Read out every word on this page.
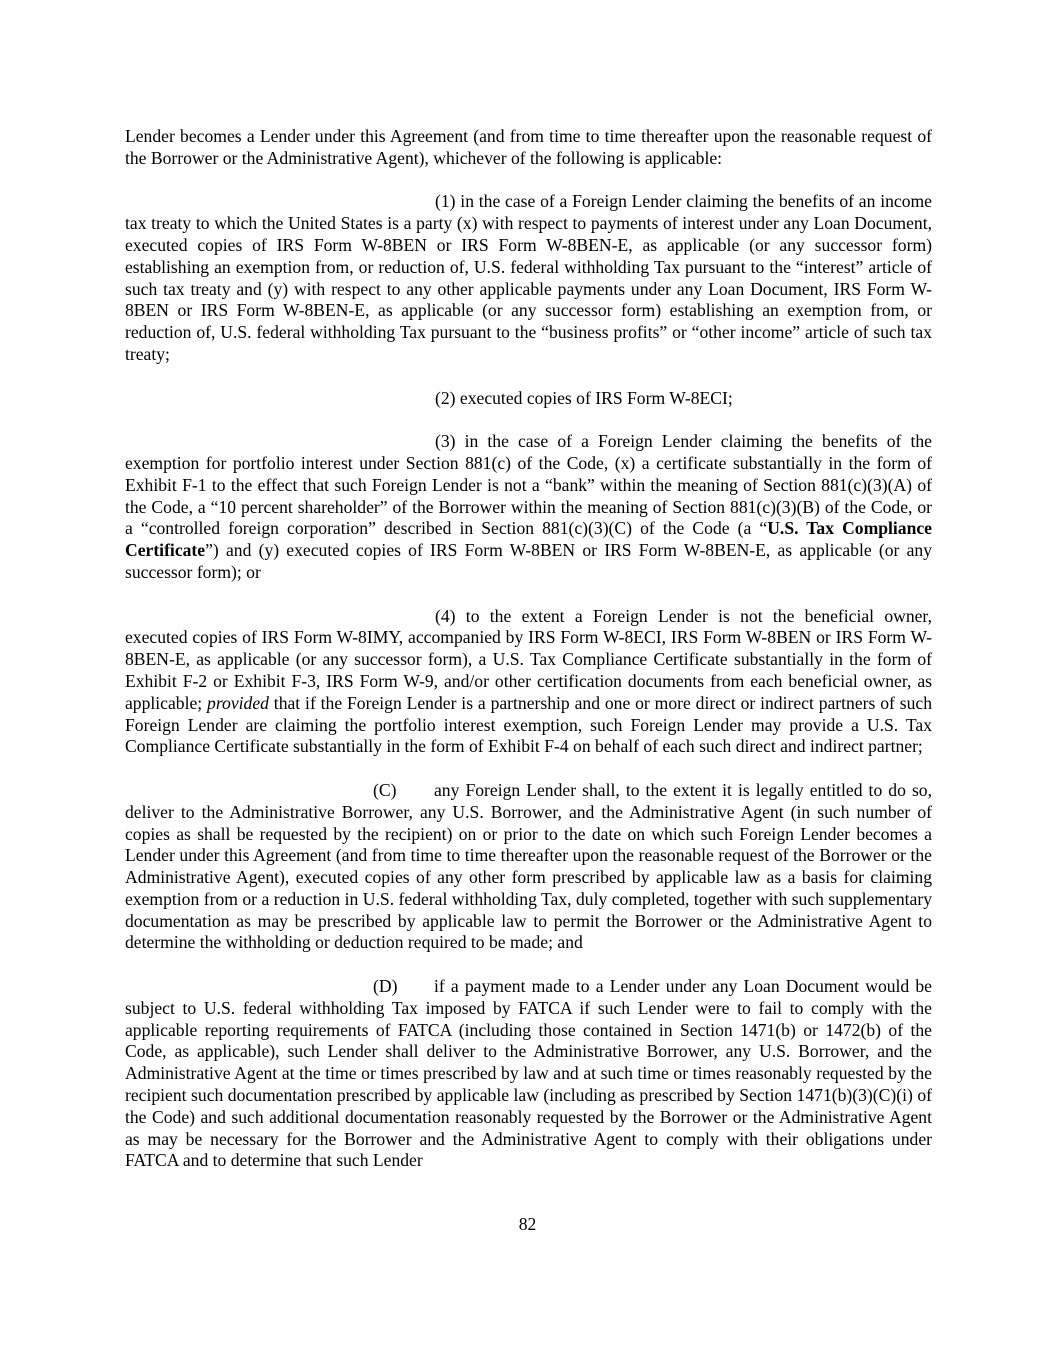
Lender becomes a Lender under this Agreement (and from time to time thereafter upon the reasonable request of the Borrower or the Administrative Agent), whichever of the following is applicable:

(1) in the case of a Foreign Lender claiming the benefits of an income tax treaty to which the United States is a party (x) with respect to payments of interest under any Loan Document, executed copies of IRS Form W-8BEN or IRS Form W-8BEN-E, as applicable (or any successor form) establishing an exemption from, or reduction of, U.S. federal withholding Tax pursuant to the “interest” article of such tax treaty and (y) with respect to any other applicable payments under any Loan Document, IRS Form W-8BEN or IRS Form W-8BEN-E, as applicable (or any successor form) establishing an exemption from, or reduction of, U.S. federal withholding Tax pursuant to the “business profits” or “other income” article of such tax treaty;

(2) executed copies of IRS Form W-8ECI;

(3) in the case of a Foreign Lender claiming the benefits of the exemption for portfolio interest under Section 881(c) of the Code, (x) a certificate substantially in the form of Exhibit F-1 to the effect that such Foreign Lender is not a “bank” within the meaning of Section 881(c)(3)(A) of the Code, a “10 percent shareholder” of the Borrower within the meaning of Section 881(c)(3)(B) of the Code, or a “controlled foreign corporation” described in Section 881(c)(3)(C) of the Code (a “U.S. Tax Compliance Certificate”) and (y) executed copies of IRS Form W-8BEN or IRS Form W-8BEN-E, as applicable (or any successor form); or

(4) to the extent a Foreign Lender is not the beneficial owner, executed copies of IRS Form W-8IMY, accompanied by IRS Form W-8ECI, IRS Form W-8BEN or IRS Form W-8BEN-E, as applicable (or any successor form), a U.S. Tax Compliance Certificate substantially in the form of Exhibit F-2 or Exhibit F-3, IRS Form W-9, and/or other certification documents from each beneficial owner, as applicable; provided that if the Foreign Lender is a partnership and one or more direct or indirect partners of such Foreign Lender are claiming the portfolio interest exemption, such Foreign Lender may provide a U.S. Tax Compliance Certificate substantially in the form of Exhibit F-4 on behalf of each such direct and indirect partner;

(C) any Foreign Lender shall, to the extent it is legally entitled to do so, deliver to the Administrative Borrower, any U.S. Borrower, and the Administrative Agent (in such number of copies as shall be requested by the recipient) on or prior to the date on which such Foreign Lender becomes a Lender under this Agreement (and from time to time thereafter upon the reasonable request of the Borrower or the Administrative Agent), executed copies of any other form prescribed by applicable law as a basis for claiming exemption from or a reduction in U.S. federal withholding Tax, duly completed, together with such supplementary documentation as may be prescribed by applicable law to permit the Borrower or the Administrative Agent to determine the withholding or deduction required to be made; and

(D) if a payment made to a Lender under any Loan Document would be subject to U.S. federal withholding Tax imposed by FATCA if such Lender were to fail to comply with the applicable reporting requirements of FATCA (including those contained in Section 1471(b) or 1472(b) of the Code, as applicable), such Lender shall deliver to the Administrative Borrower, any U.S. Borrower, and the Administrative Agent at the time or times prescribed by law and at such time or times reasonably requested by the recipient such documentation prescribed by applicable law (including as prescribed by Section 1471(b)(3)(C)(i) of the Code) and such additional documentation reasonably requested by the Borrower or the Administrative Agent as may be necessary for the Borrower and the Administrative Agent to comply with their obligations under FATCA and to determine that such Lender

82
